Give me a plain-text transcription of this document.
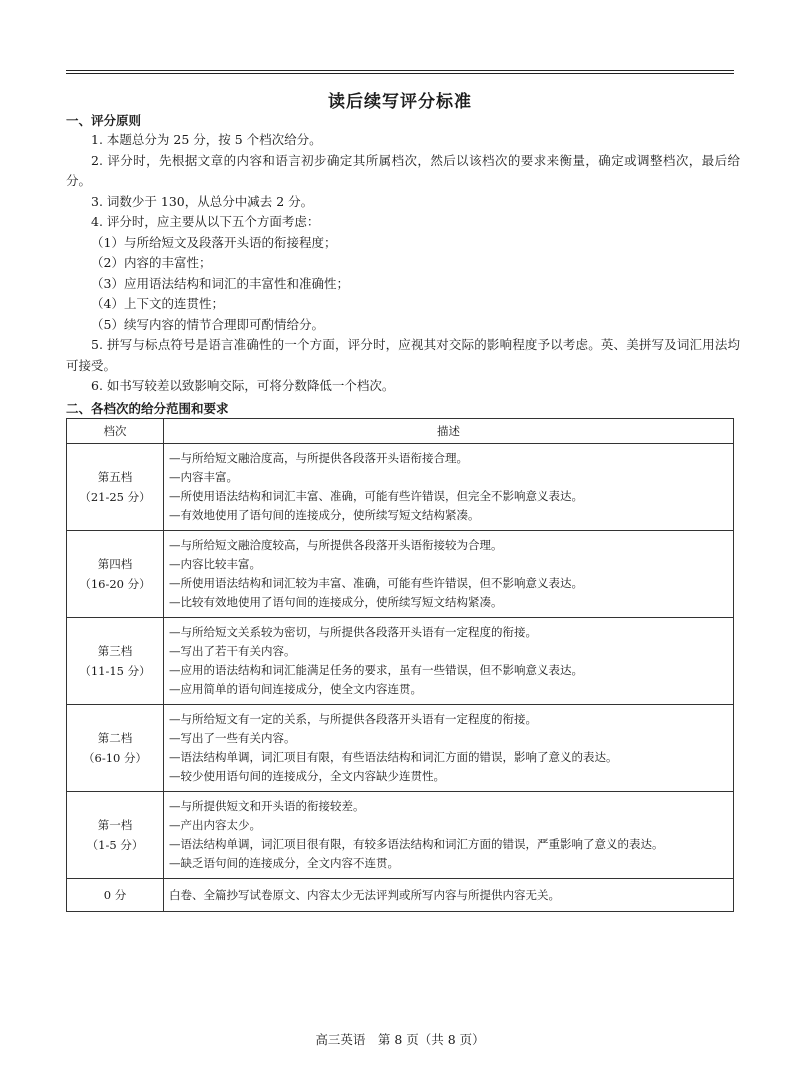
读后续写评分标准
一、评分原则

1. 本题总分为 25 分，按 5 个档次给分。

2. 评分时，先根据文章的内容和语言初步确定其所属档次，然后以该档次的要求来衡量，确定或调整档次，最后给分。

3. 词数少于 130，从总分中减去 2 分。

4. 评分时，应主要从以下五个方面考虑：

（1）与所给短文及段落开头语的衔接程度；

（2）内容的丰富性；

（3）应用语法结构和词汇的丰富性和准确性；

（4）上下文的连贯性；

（5）续写内容的情节合理即可酌情给分。

5. 拼写与标点符号是语言准确性的一个方面，评分时，应视其对交际的影响程度予以考虑。英、美拼写及词汇用法均可接受。

6. 如书写较差以致影响交际，可将分数降低一个档次。

二、各档次的给分范围和要求
档次	描述

第五档
（21-25 分）	—与所给短文融洽度高，与所提供各段落开头语衔接合理。
—内容丰富。
—所使用语法结构和词汇丰富、准确，可能有些许错误，但完全不影响意义表达。
—有效地使用了语句间的连接成分，使所续写短文结构紧凑。

第四档
（16-20 分）	—与所给短文融洽度较高，与所提供各段落开头语衔接较为合理。
—内容比较丰富。
—所使用语法结构和词汇较为丰富、准确，可能有些许错误，但不影响意义表达。
—比较有效地使用了语句间的连接成分，使所续写短文结构紧凑。

第三档
（11-15 分）	—与所给短文关系较为密切，与所提供各段落开头语有一定程度的衔接。
—写出了若干有关内容。
—应用的语法结构和词汇能满足任务的要求，虽有一些错误，但不影响意义表达。
—应用简单的语句间连接成分，使全文内容连贯。

第二档
（6-10 分）	—与所给短文有一定的关系，与所提供各段落开头语有一定程度的衔接。
—写出了一些有关内容。
—语法结构单调，词汇项目有限，有些语法结构和词汇方面的错误，影响了意义的表达。
—较少使用语句间的连接成分，全文内容缺少连贯性。

第一档
（1-5 分）	—与所提供短文和开头语的衔接较差。
—产出内容太少。
—语法结构单调，词汇项目很有限，有较多语法结构和词汇方面的错误，严重影响了意义的表达。
—缺乏语句间的连接成分，全文内容不连贯。

0 分	白卷、全篇抄写试卷原文、内容太少无法评判或所写内容与所提供内容无关。
高三英语　第 8 页（共 8 页）
